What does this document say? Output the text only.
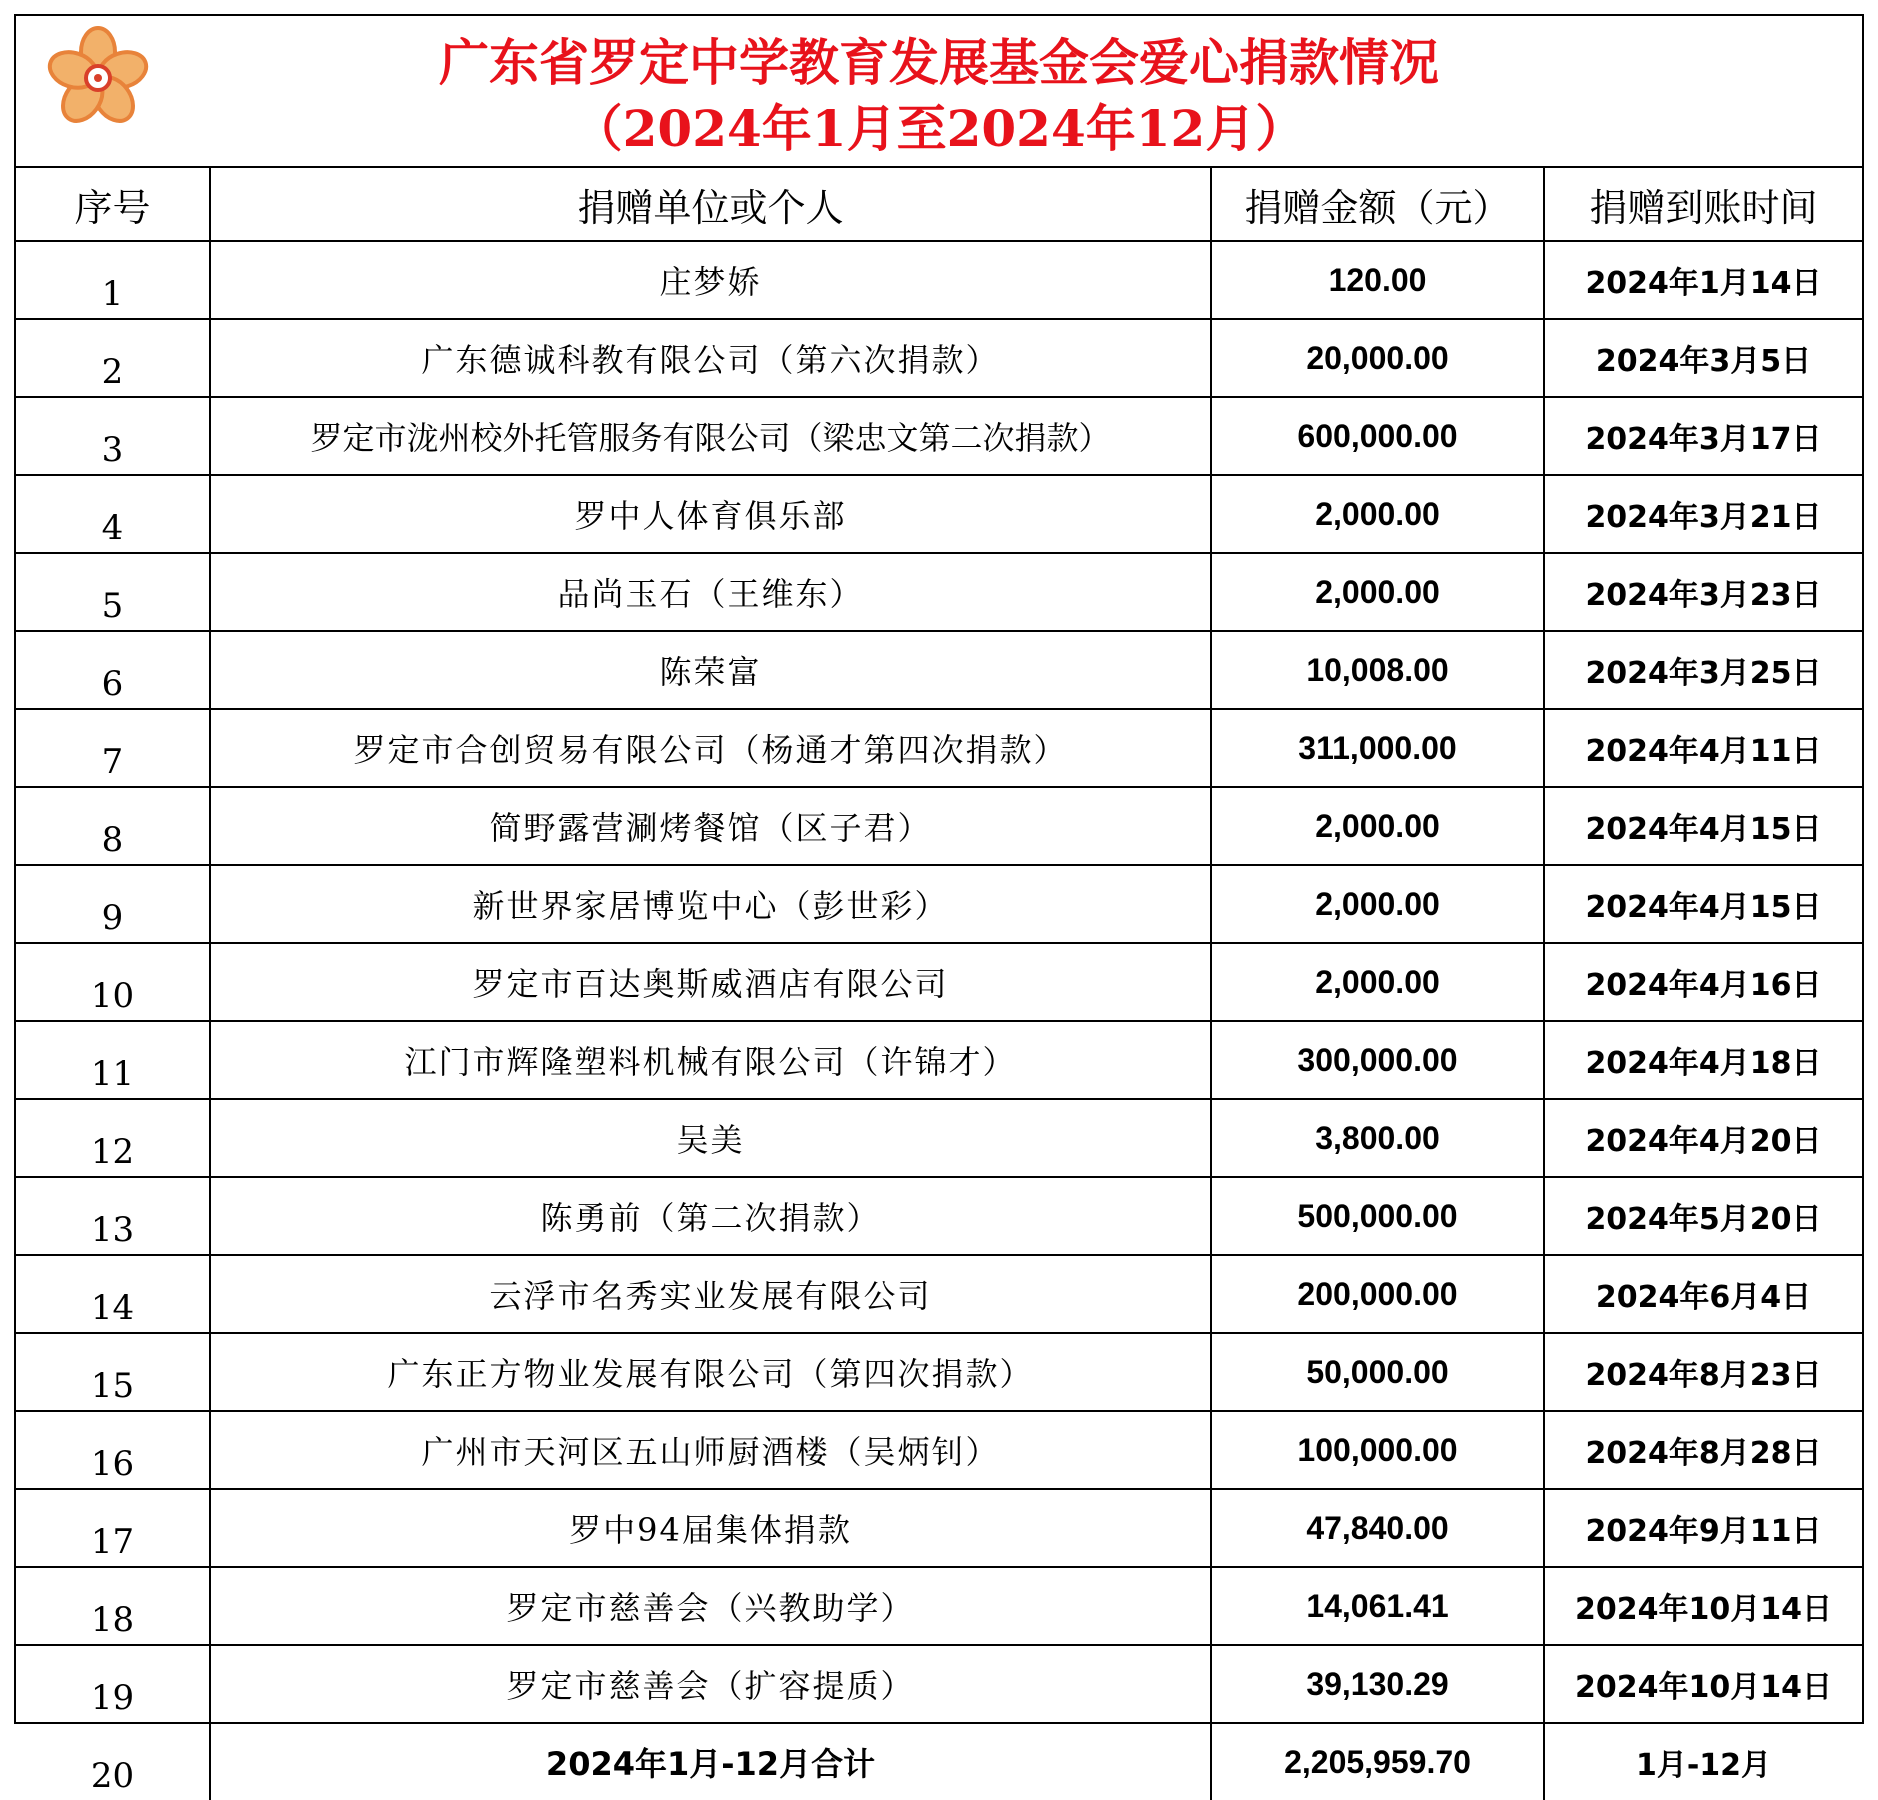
广东省罗定中学教育发展基金会爱心捐款情况
（2024年1月至2024年12月）
序号	捐赠单位或个人	捐赠金额（元）	捐赠到账时间
1	庄梦娇	120.00	2024年1月14日
2	广东德诚科教有限公司（第六次捐款）	20,000.00	2024年3月5日
3	罗定市泷州校外托管服务有限公司（梁忠文第二次捐款）	600,000.00	2024年3月17日
4	罗中人体育俱乐部	2,000.00	2024年3月21日
5	品尚玉石（王维东）	2,000.00	2024年3月23日
6	陈荣富	10,008.00	2024年3月25日
7	罗定市合创贸易有限公司（杨通才第四次捐款）	311,000.00	2024年4月11日
8	简野露营涮烤餐馆（区子君）	2,000.00	2024年4月15日
9	新世界家居博览中心（彭世彩）	2,000.00	2024年4月15日
10	罗定市百达奥斯威酒店有限公司	2,000.00	2024年4月16日
11	江门市辉隆塑料机械有限公司（许锦才）	300,000.00	2024年4月18日
12	吴美	3,800.00	2024年4月20日
13	陈勇前（第二次捐款）	500,000.00	2024年5月20日
14	云浮市名秀实业发展有限公司	200,000.00	2024年6月4日
15	广东正方物业发展有限公司（第四次捐款）	50,000.00	2024年8月23日
16	广州市天河区五山师厨酒楼（吴炳钊）	100,000.00	2024年8月28日
17	罗中94届集体捐款	47,840.00	2024年9月11日
18	罗定市慈善会（兴教助学）	14,061.41	2024年10月14日
19	罗定市慈善会（扩容提质）	39,130.29	2024年10月14日
20	2024年1月-12月合计	2,205,959.70	1月-12月
